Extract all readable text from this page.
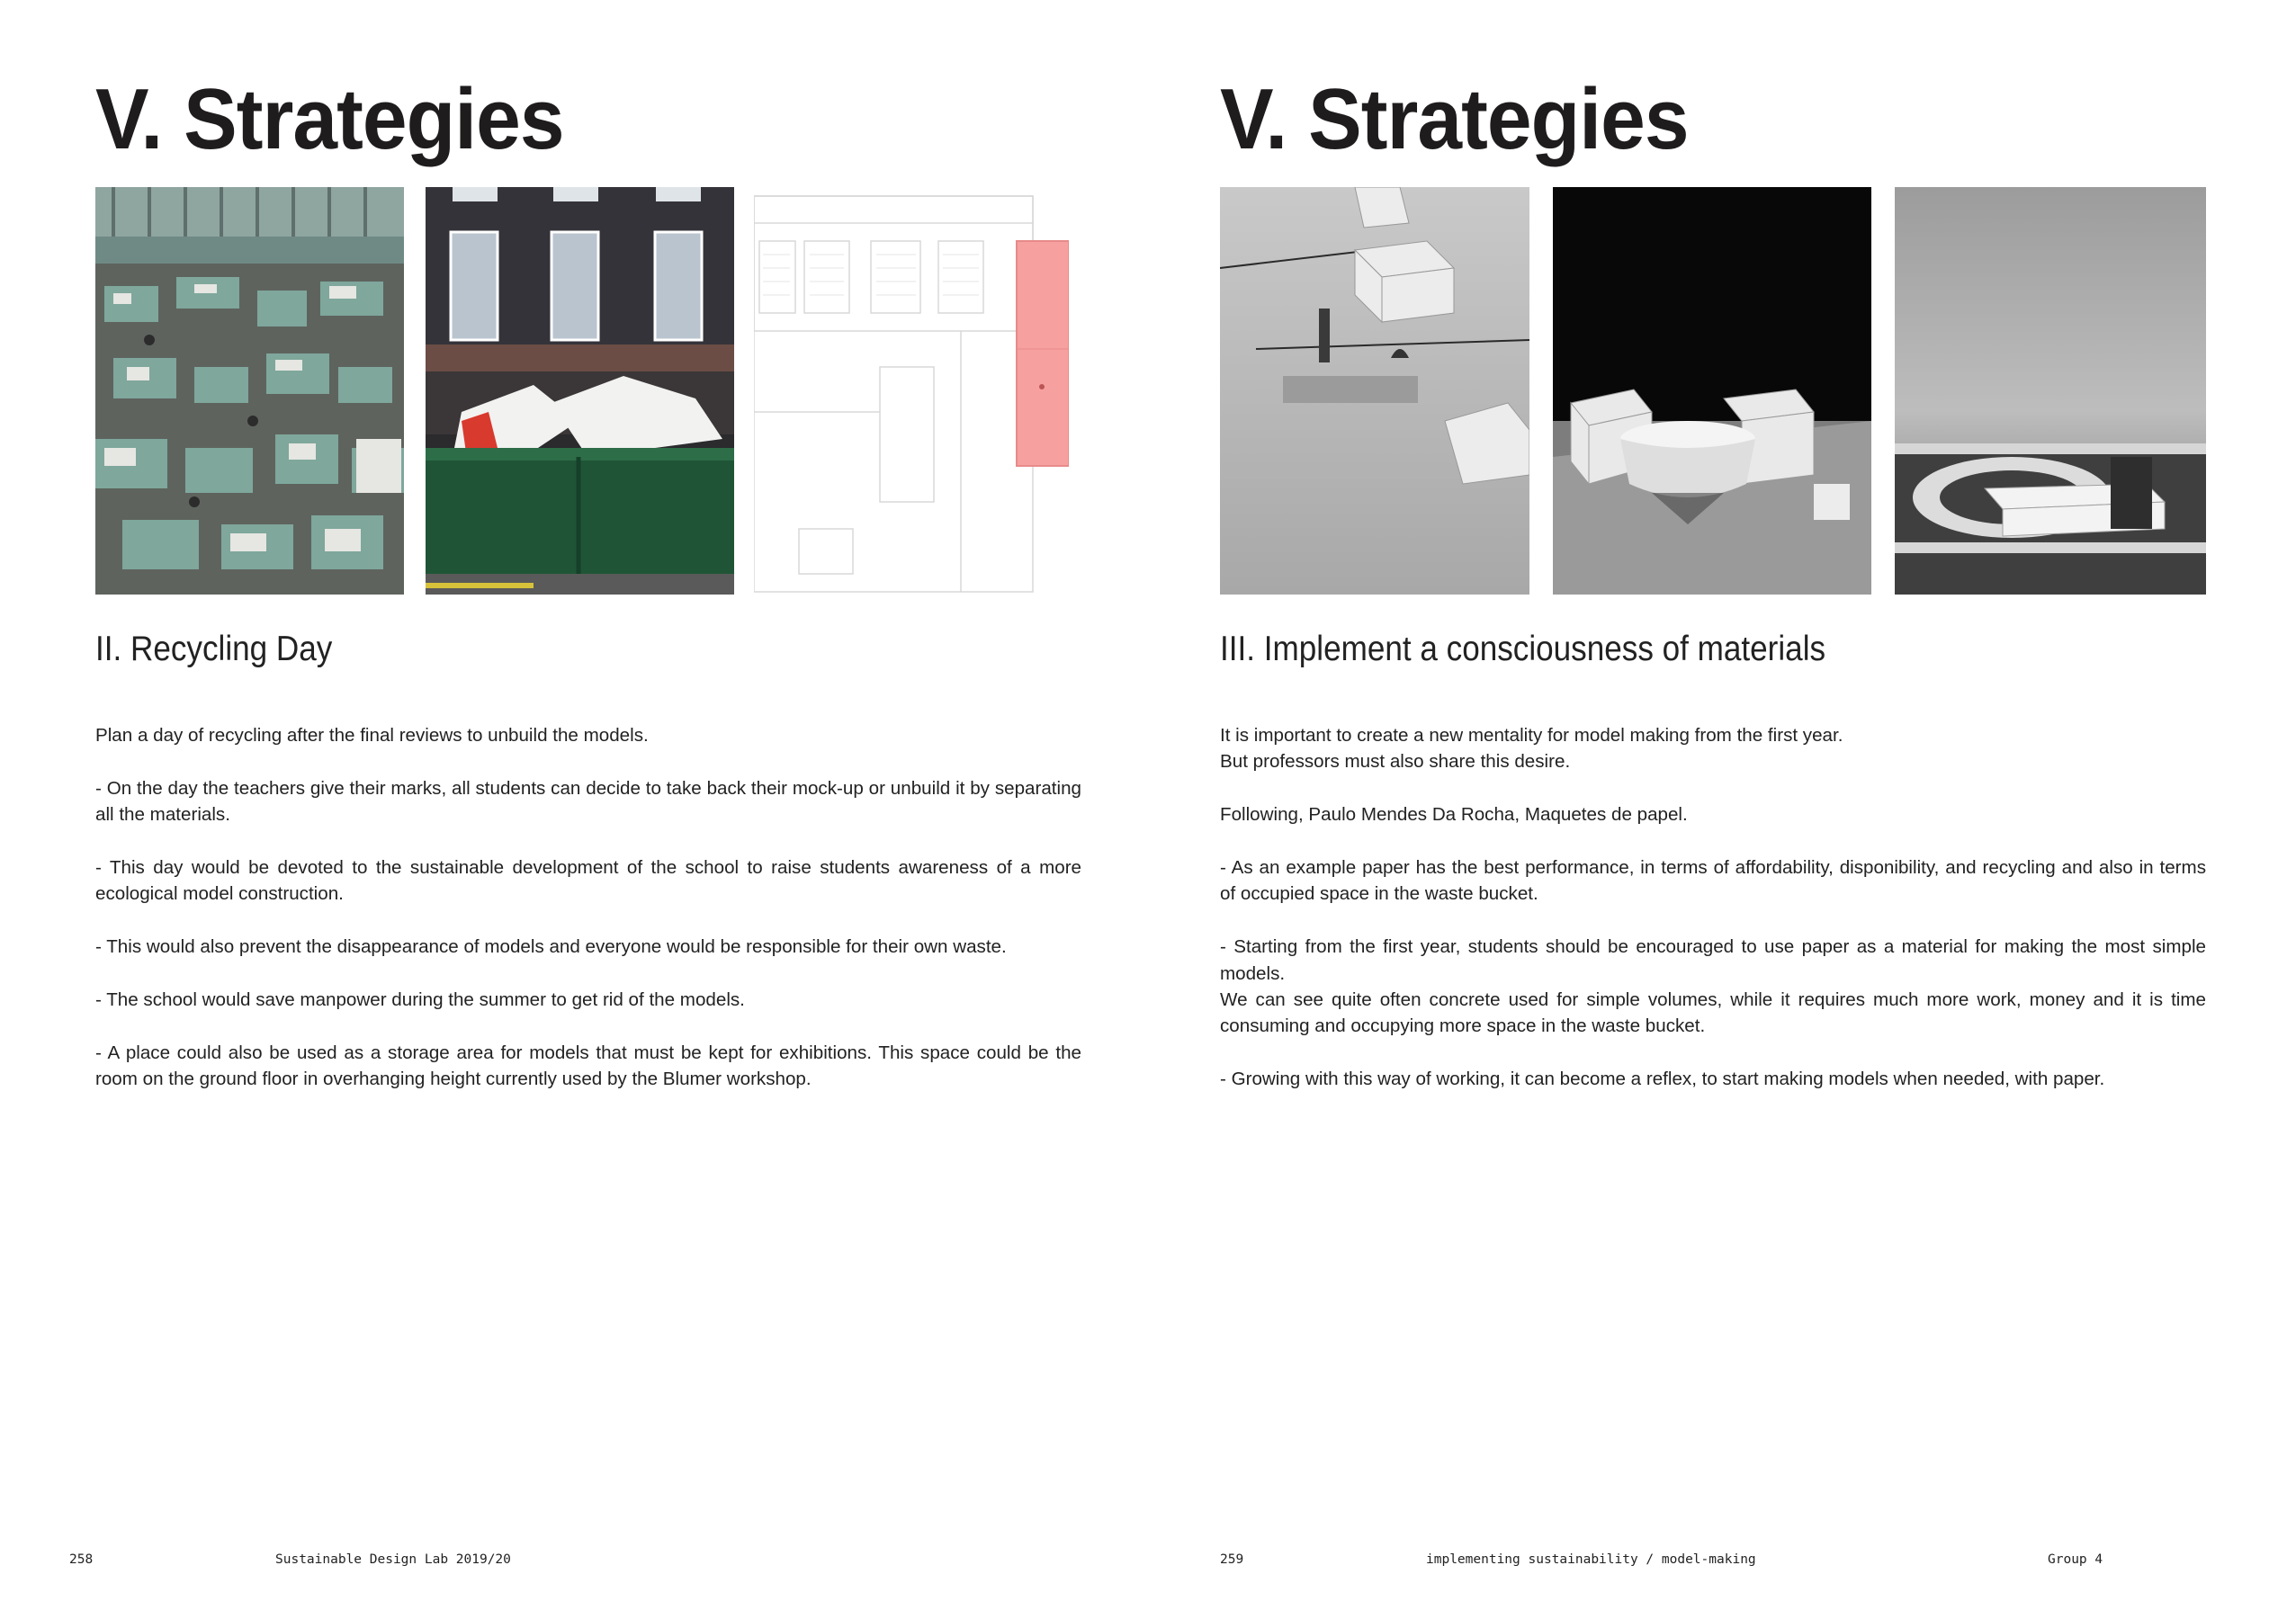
V. Strategies
II. Recycling Day

Plan a day of recycling after the final reviews to unbuild the models.

- On the day the teachers give their marks, all students can decide to take back their mock-up or unbuild it by separating all the materials.

- This day would be devoted to the sustainable development of the school to raise students awareness of a more ecological model construction.

- This would also prevent the disappearance of models and everyone would be responsible for their own waste.

- The school would save manpower during the summer to get rid of the models.

- A place could also be used as a storage area for models that must be kept for exhibitions. This space could be the room on the ground floor in overhanging height currently used by the Blumer workshop.

258	Sustainable Design Lab 2019/20
V. Strategies
III. Implement a consciousness of materials

It is important to create a new mentality for model making from the first year.

But professors must also share this desire.

Following, Paulo Mendes Da Rocha, Maquetes de papel.

- As an example paper has the best performance, in terms of affordability, disponibility, and recycling and also in terms of occupied space in the waste bucket.

- Starting from the first year, students should be encouraged to use paper as a material for making the most simple models.

We can see quite often concrete used for simple volumes, while it requires much more work, money and it is time consuming and occupying more space in the waste bucket.

- Growing with this way of working, it can become a reflex, to start making models when needed, with paper.

259	implementing sustainability / model-making	Group 4
